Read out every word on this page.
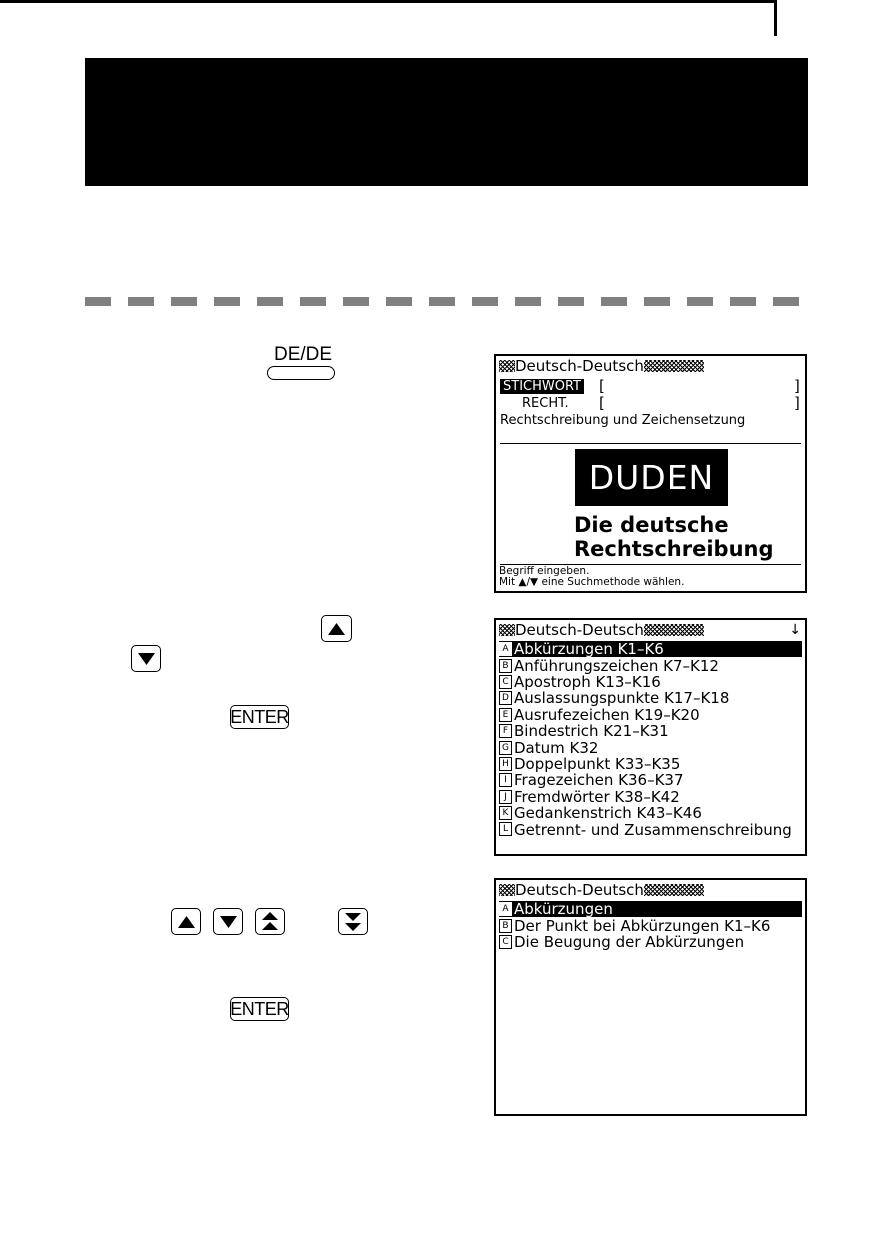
DE/DE
ENTER
ENTER
Deutsch-Deutsch
STICHWORT [	]
RECHT. [	]
Rechtschreibung und Zeichensetzung
DUDEN
Die deutsche
Rechtschreibung
Begriff eingeben.
Mit ▲/▼ eine Suchmethode wählen.
Deutsch-Deutsch	↓
A Abkürzungen K1–K6
B Anführungszeichen K7–K12
C Apostroph K13–K16
D Auslassungspunkte K17–K18
E Ausrufezeichen K19–K20
F Bindestrich K21–K31
G Datum K32
H Doppelpunkt K33–K35
I Fragezeichen K36–K37
J Fremdwörter K38–K42
K Gedankenstrich K43–K46
L Getrennt- und Zusammenschreibung
Deutsch-Deutsch
A Abkürzungen
B Der Punkt bei Abkürzungen K1–K6
C Die Beugung der Abkürzungen
